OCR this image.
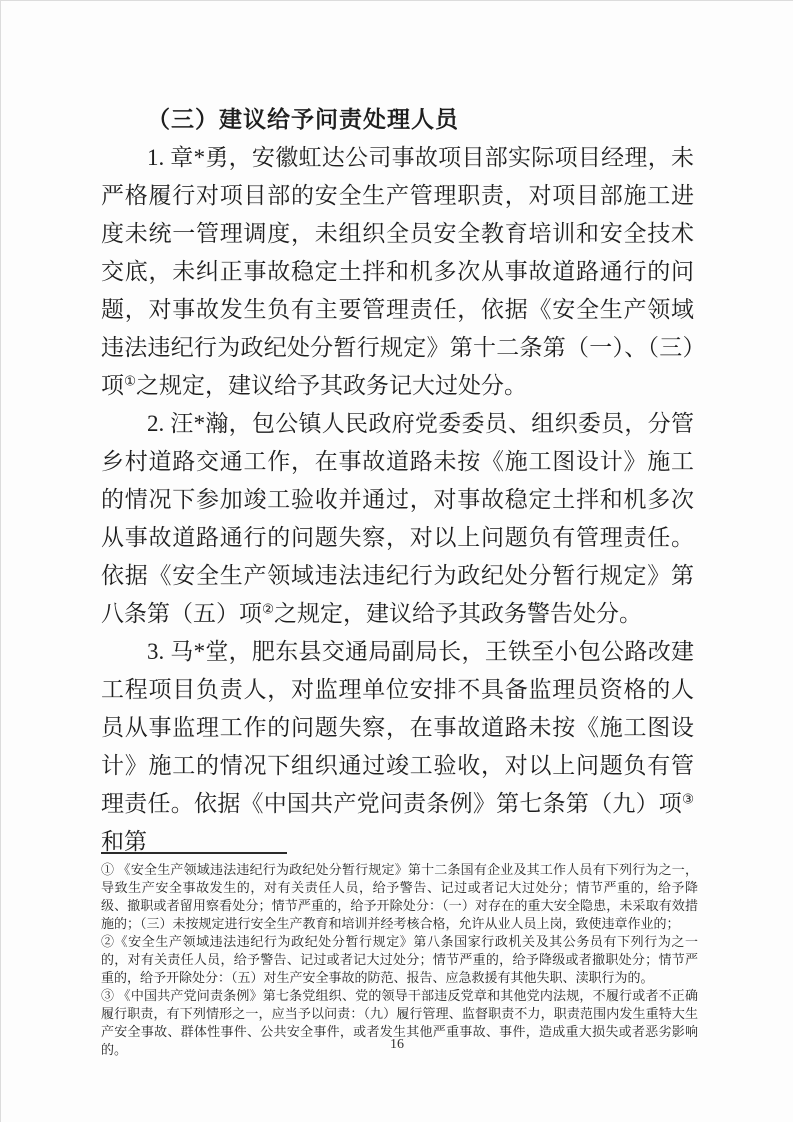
（三）建议给予问责处理人员

1. 章*勇，安徽虹达公司事故项目部实际项目经理，未严格履行对项目部的安全生产管理职责，对项目部施工进度未统一管理调度，未组织全员安全教育培训和安全技术交底，未纠正事故稳定土拌和机多次从事故道路通行的问题，对事故发生负有主要管理责任，依据《安全生产领域违法违纪行为政纪处分暂行规定》第十二条第（一）、（三）项①之规定，建议给予其政务记大过处分。

2. 汪*瀚，包公镇人民政府党委委员、组织委员，分管乡村道路交通工作，在事故道路未按《施工图设计》施工的情况下参加竣工验收并通过，对事故稳定土拌和机多次从事故道路通行的问题失察，对以上问题负有管理责任。依据《安全生产领域违法违纪行为政纪处分暂行规定》第八条第（五）项②之规定，建议给予其政务警告处分。

3. 马*堂，肥东县交通局副局长，王铁至小包公路改建工程项目负责人，对监理单位安排不具备监理员资格的人员从事监理工作的问题失察，在事故道路未按《施工图设计》施工的情况下组织通过竣工验收，对以上问题负有管理责任。依据《中国共产党问责条例》第七条第（九）项③和第

① 《安全生产领域违法违纪行为政纪处分暂行规定》第十二条国有企业及其工作人员有下列行为之一，导致生产安全事故发生的，对有关责任人员，给予警告、记过或者记大过处分；情节严重的，给予降级、撤职或者留用察看处分；情节严重的，给予开除处分：（一）对存在的重大安全隐患，未采取有效措施的；（三）未按规定进行安全生产教育和培训并经考核合格，允许从业人员上岗，致使违章作业的；

②《安全生产领域违法违纪行为政纪处分暂行规定》第八条国家行政机关及其公务员有下列行为之一的，对有关责任人员，给予警告、记过或者记大过处分；情节严重的，给予降级或者撤职处分；情节严重的，给予开除处分：（五）对生产安全事故的防范、报告、应急救援有其他失职、渎职行为的。

③ 《中国共产党问责条例》第七条党组织、党的领导干部违反党章和其他党内法规，不履行或者不正确履行职责，有下列情形之一，应当予以问责：（九）履行管理、监督职责不力，职责范围内发生重特大生产安全事故、群体性事件、公共安全事件，或者发生其他严重事故、事件，造成重大损失或者恶劣影响的。	16
